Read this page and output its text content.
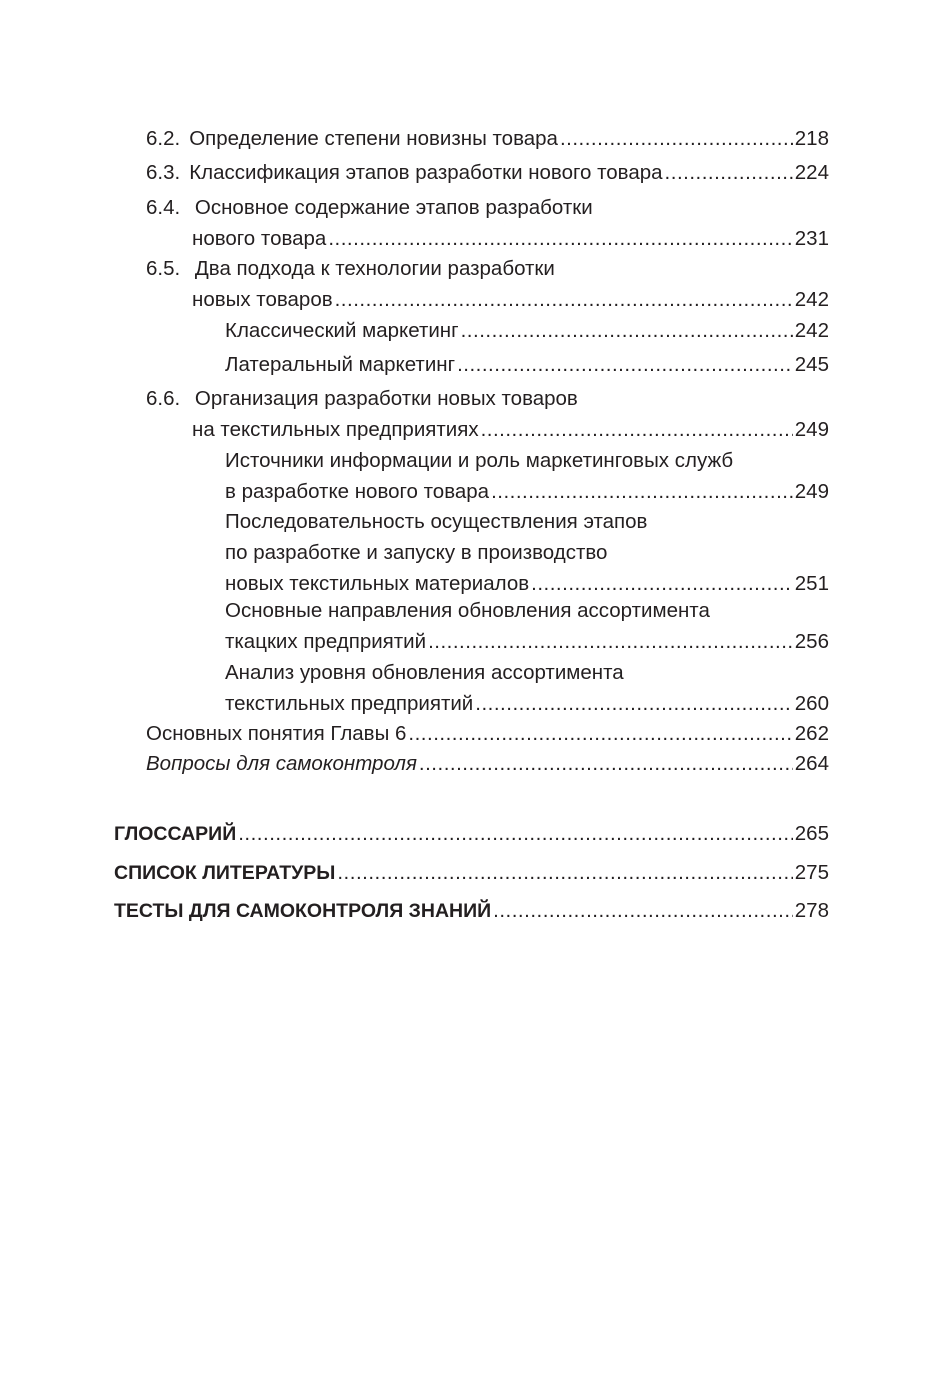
6.2. Определение степени новизны товара .....	218
6.3. Классификация этапов разработки нового товара .....	224
6.4. Основное содержание этапов разработки
нового товара .....	231
6.5. Два подхода к технологии разработки
новых товаров .....	242
Классический маркетинг .....	242
Латеральный маркетинг .....	245
6.6. Организация разработки новых товаров
на текстильных предприятиях .....	249
Источники информации и роль маркетинговых служб
в разработке нового товара .....	249
Последовательность осуществления этапов
по разработке и запуску в производство
новых текстильных материалов .....	251
Основные направления обновления ассортимента
ткацких предприятий .....	256
Анализ уровня обновления ассортимента
текстильных предприятий .....	260
Основных понятия Главы 6 .....	262
Вопросы для самоконтроля .....	264
ГЛОССАРИЙ .....	265
СПИСОК ЛИТЕРАТУРЫ .....	275
ТЕСТЫ ДЛЯ САМОКОНТРОЛЯ ЗНАНИЙ .....	278
